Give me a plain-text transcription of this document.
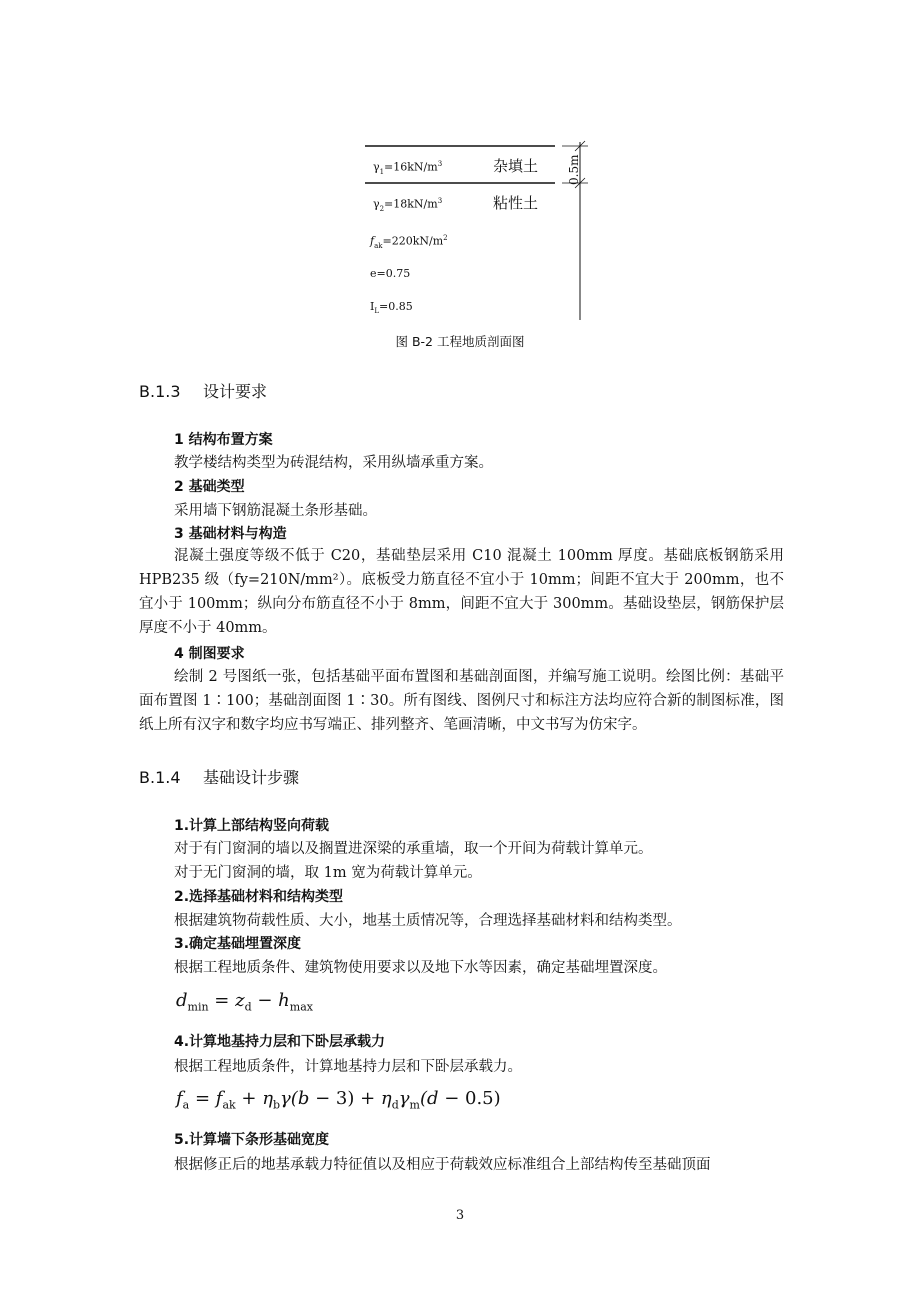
$\gamma_1=16kN/m^3$	杂填土
$\gamma_2=18kN/m^3$	粘性土
$f_{ak}=220kN/m^2$
e=0.75
$I_L=0.85$
0.5m
图 B-2 工程地质剖面图
B.1.3 设计要求
1 结构布置方案
教学楼结构类型为砖混结构，采用纵墙承重方案。
2 基础类型
采用墙下钢筋混凝土条形基础。
3 基础材料与构造
混凝土强度等级不低于 C20，基础垫层采用 C10 混凝土 100mm 厚度。基础底板钢筋采用 HPB235 级（fy=210N/mm²）。底板受力筋直径不宜小于 10mm；间距不宜大于 200mm，也不宜小于 100mm；纵向分布筋直径不小于 8mm，间距不宜大于 300mm。基础设垫层，钢筋保护层厚度不小于 40mm。
4 制图要求
绘制 2 号图纸一张，包括基础平面布置图和基础剖面图，并编写施工说明。绘图比例：基础平面布置图 1∶100；基础剖面图 1∶30。所有图线、图例尺寸和标注方法均应符合新的制图标准，图纸上所有汉字和数字均应书写端正、排列整齐、笔画清晰，中文书写为仿宋字。
B.1.4 基础设计步骤
1.计算上部结构竖向荷载
对于有门窗洞的墙以及搁置进深梁的承重墙，取一个开间为荷载计算单元。
对于无门窗洞的墙，取 1m 宽为荷载计算单元。
2.选择基础材料和结构类型
根据建筑物荷载性质、大小，地基土质情况等，合理选择基础材料和结构类型。
3.确定基础埋置深度
根据工程地质条件、建筑物使用要求以及地下水等因素，确定基础埋置深度。
$d_{min} = z_d - h_{max}$
4.计算地基持力层和下卧层承载力
根据工程地质条件，计算地基持力层和下卧层承载力。
$f_a = f_{ak} + \eta_b\gamma(b - 3) + \eta_d\gamma_m(d - 0.5)$
5.计算墙下条形基础宽度
根据修正后的地基承载力特征值以及相应于荷载效应标准组合上部结构传至基础顶面
3
